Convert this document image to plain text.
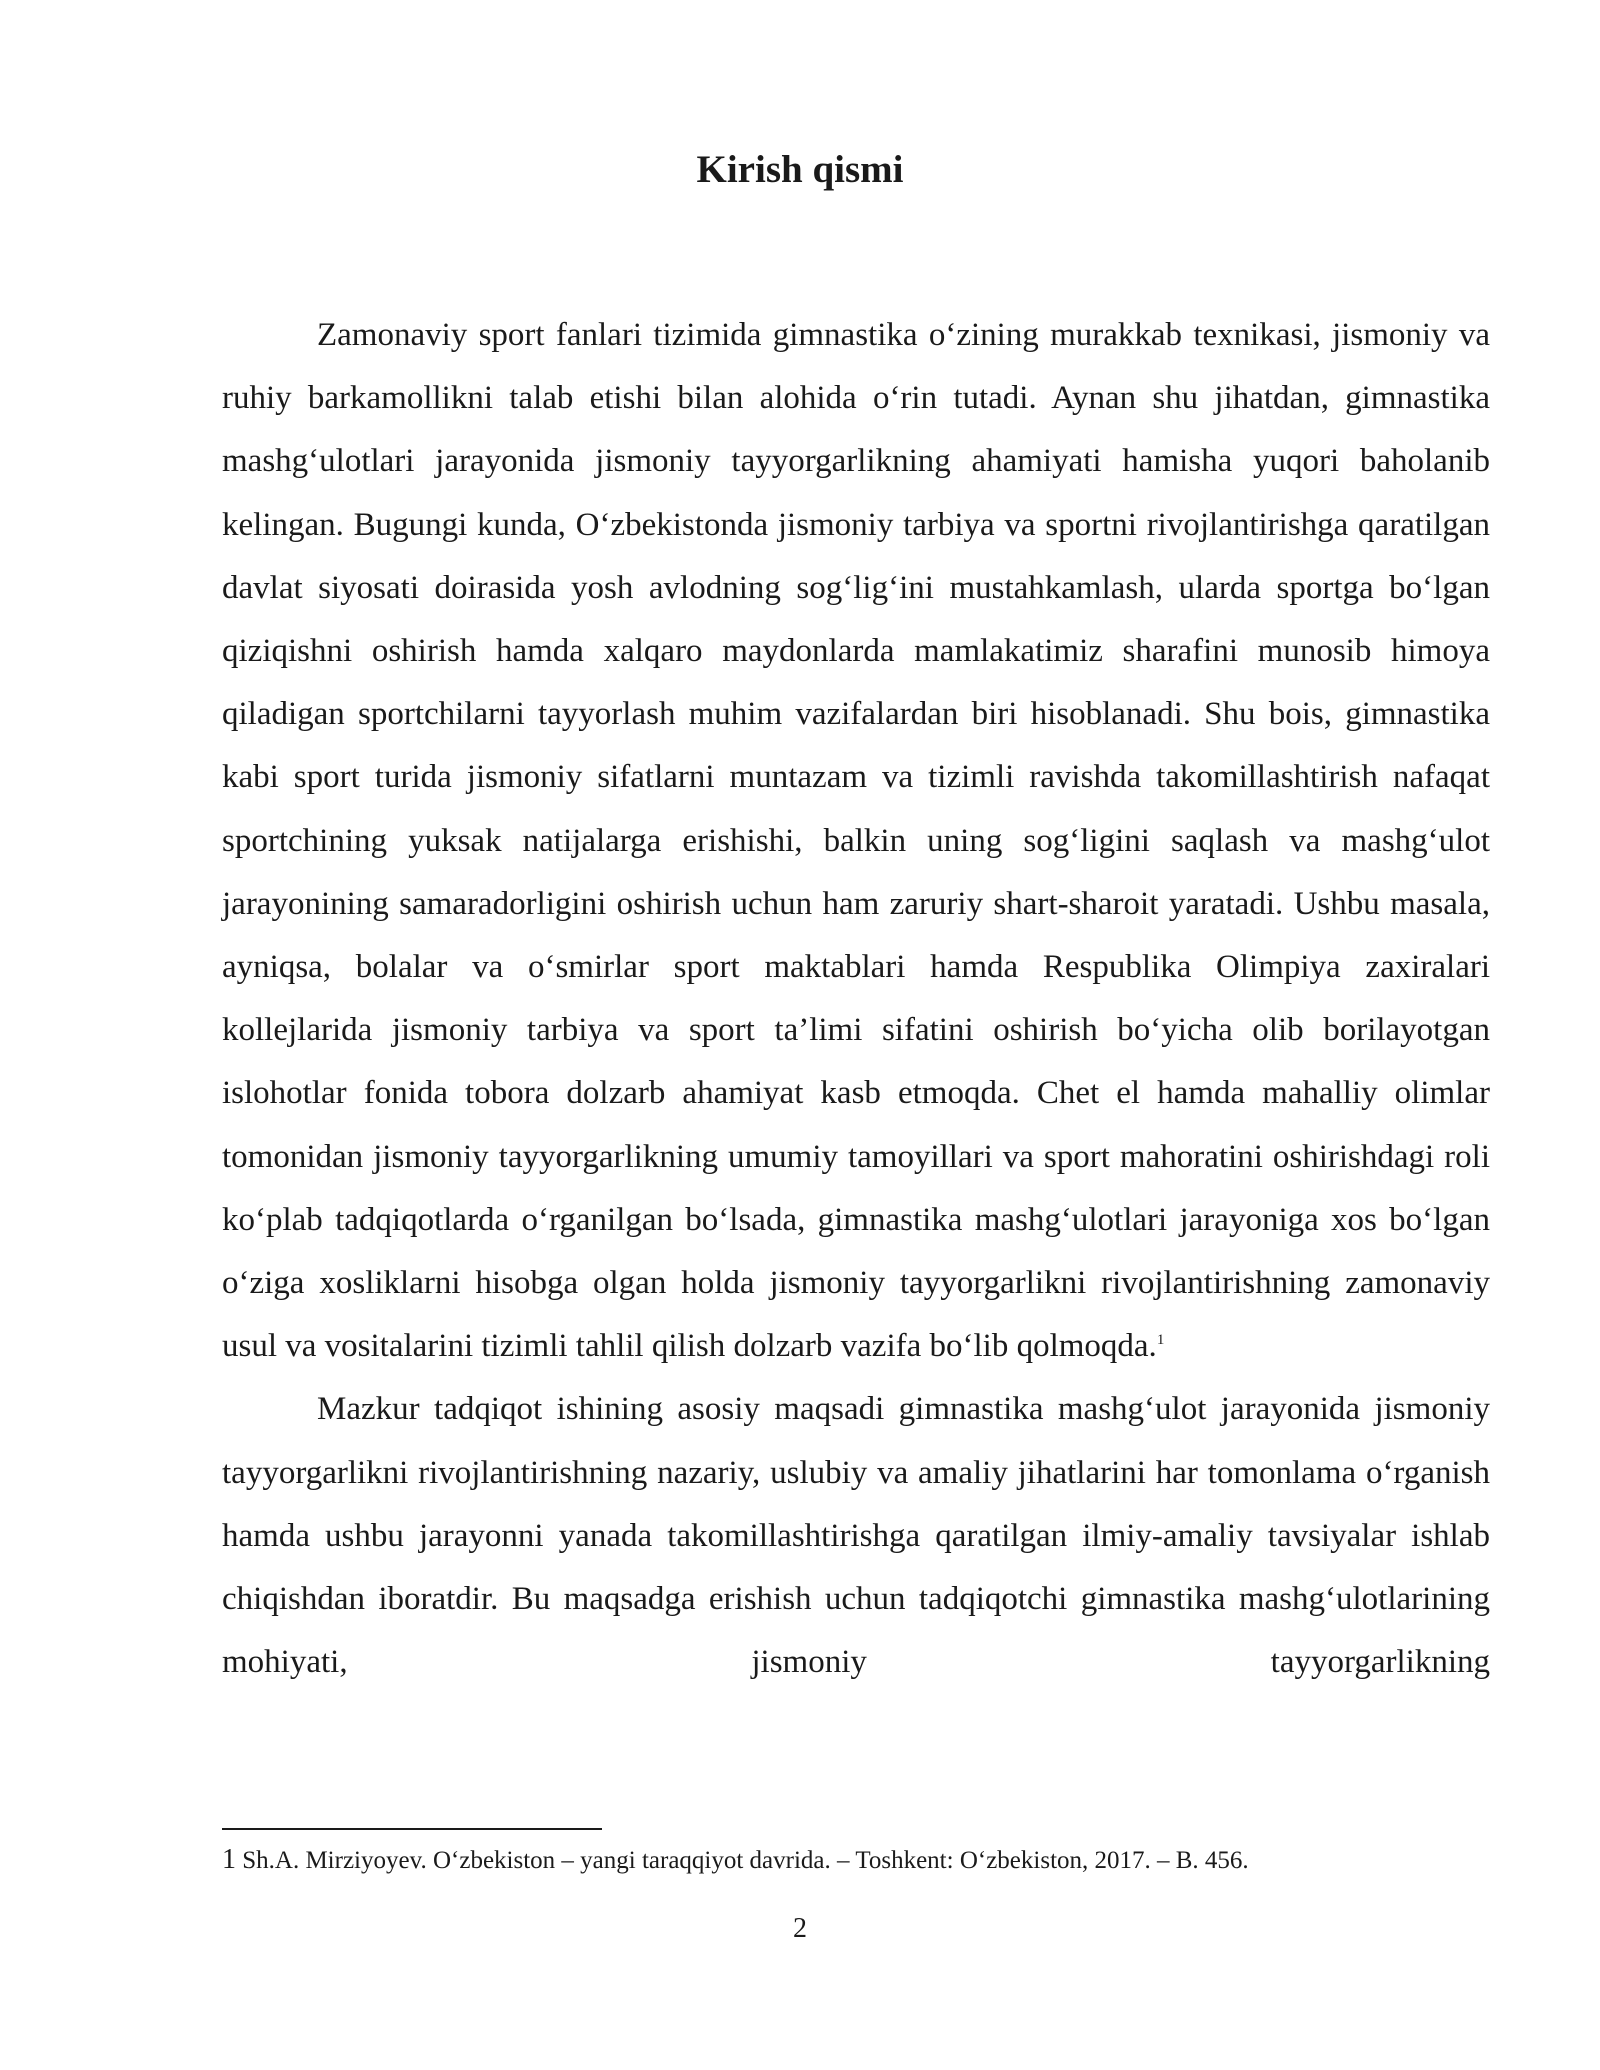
Kirish qismi

Zamonaviy sport fanlari tizimida gimnastika o‘zining murakkab texnikasi, jismoniy va ruhiy barkamollikni talab etishi bilan alohida o‘rin tutadi. Aynan shu jihatdan, gimnastika mashg‘ulotlari jarayonida jismoniy tayyorgarlikning ahamiyati hamisha yuqori baholanib kelingan. Bugungi kunda, O‘zbekistonda jismoniy tarbiya va sportni rivojlantirishga qaratilgan davlat siyosati doirasida yosh avlodning sog‘lig‘ini mustahkamlash, ularda sportga bo‘lgan qiziqishni oshirish hamda xalqaro maydonlarda mamlakatimiz sharafini munosib himoya qiladigan sportchilarni tayyorlash muhim vazifalardan biri hisoblanadi. Shu bois, gimnastika kabi sport turida jismoniy sifatlarni muntazam va tizimli ravishda takomillashtirish nafaqat sportchining yuksak natijalarga erishishi, balkin uning sog‘ligini saqlash va mashg‘ulot jarayonining samaradorligini oshirish uchun ham zaruriy shart-sharoit yaratadi. Ushbu masala, ayniqsa, bolalar va o‘smirlar sport maktablari hamda Respublika Olimpiya zaxiralari kollejlarida jismoniy tarbiya va sport ta’limi sifatini oshirish bo‘yicha olib borilayotgan islohotlar fonida tobora dolzarb ahamiyat kasb etmoqda. Chet el hamda mahalliy olimlar tomonidan jismoniy tayyorgarlikning umumiy tamoyillari va sport mahoratini oshirishdagi roli ko‘plab tadqiqotlarda o‘rganilgan bo‘lsada, gimnastika mashg‘ulotlari jarayoniga xos bo‘lgan o‘ziga xosliklarni hisobga olgan holda jismoniy tayyorgarlikni rivojlantirishning zamonaviy usul va vositalarini tizimli tahlil qilish dolzarb vazifa bo‘lib qolmoqda.$^1$

Mazkur tadqiqot ishining asosiy maqsadi gimnastika mashg‘ulot jarayonida jismoniy tayyorgarlikni rivojlantirishning nazariy, uslubiy va amaliy jihatlarini har tomonlama o‘rganish hamda ushbu jarayonni yanada takomillashtirishga qaratilgan ilmiy-amaliy tavsiyalar ishlab chiqishdan iboratdir. Bu maqsadga erishish uchun tadqiqotchi gimnastika mashg‘ulotlarining mohiyati, jismoniy tayyorgarlikning

1 Sh.A. Mirziyoyev. O‘zbekiston – yangi taraqqiyot davrida. – Toshkent: O‘zbekiston, 2017. – B. 456.
2
